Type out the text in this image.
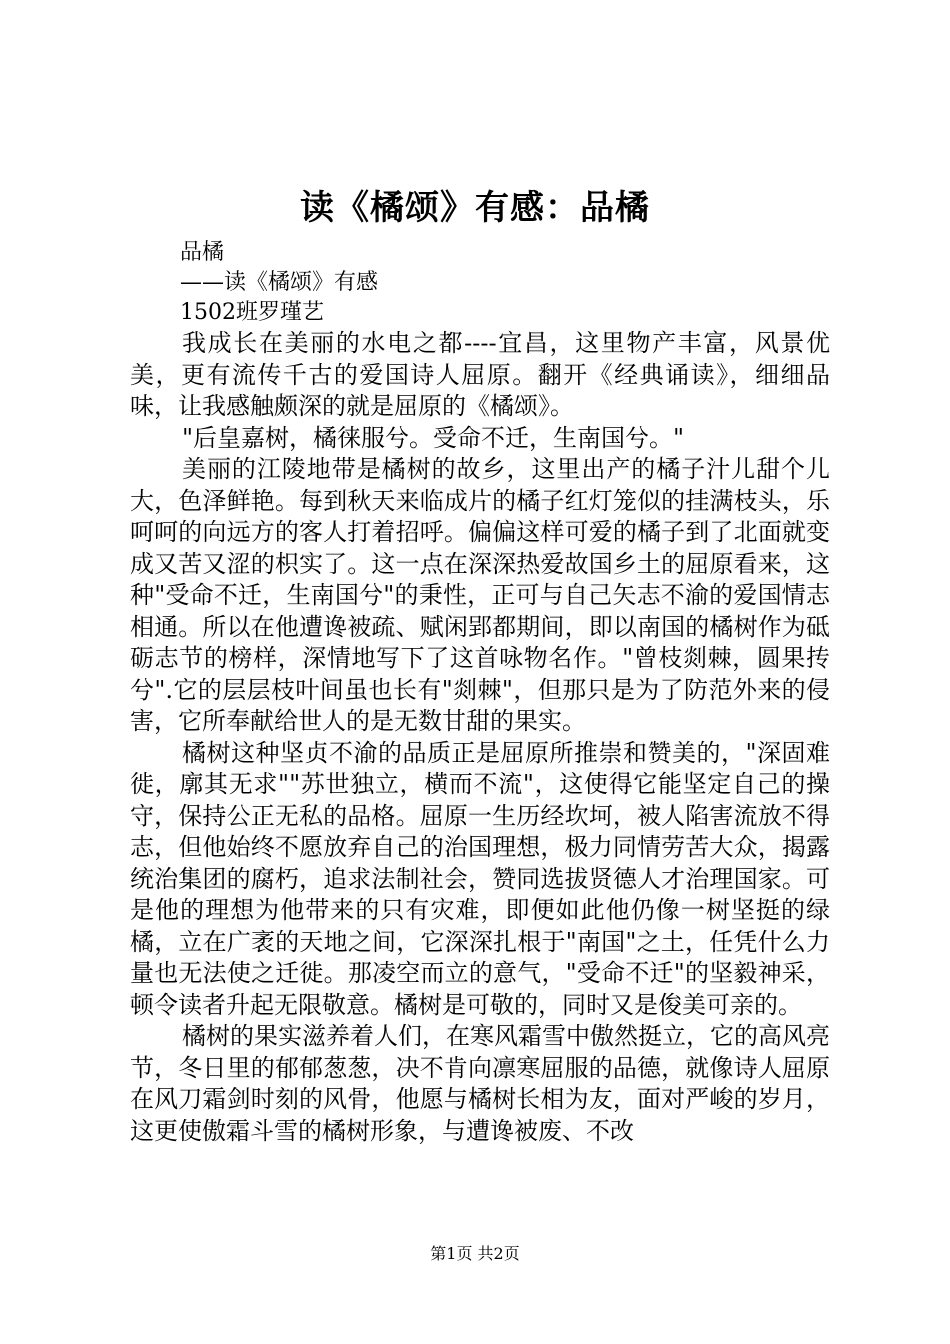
读《橘颂》有感：品橘
品橘
——读《橘颂》有感
1502班罗瑾艺

我成长在美丽的水电之都----宜昌，这里物产丰富，风景优美，更有流传千古的爱国诗人屈原。翻开《经典诵读》，细细品味，让我感触颇深的就是屈原的《橘颂》。

"后皇嘉树，橘徕服兮。受命不迁，生南国兮。"

美丽的江陵地带是橘树的故乡，这里出产的橘子汁儿甜个儿大，色泽鲜艳。每到秋天来临成片的橘子红灯笼似的挂满枝头，乐呵呵的向远方的客人打着招呼。偏偏这样可爱的橘子到了北面就变成又苦又涩的枳实了。这一点在深深热爱故国乡土的屈原看来，这种"受命不迁，生南国兮"的秉性，正可与自己矢志不渝的爱国情志相通。所以在他遭谗被疏、赋闲郢都期间，即以南国的橘树作为砥砺志节的榜样，深情地写下了这首咏物名作。"曾枝剡棘，圆果抟兮".它的层层枝叶间虽也长有"剡棘"，但那只是为了防范外来的侵害，它所奉献给世人的是无数甘甜的果实。

橘树这种坚贞不渝的品质正是屈原所推崇和赞美的，"深固难徙，廓其无求""苏世独立，横而不流"，这使得它能坚定自己的操守，保持公正无私的品格。屈原一生历经坎坷，被人陷害流放不得志，但他始终不愿放弃自己的治国理想，极力同情劳苦大众，揭露统治集团的腐朽，追求法制社会，赞同选拔贤德人才治理国家。可是他的理想为他带来的只有灾难，即便如此他仍像一树坚挺的绿橘，立在广袤的天地之间，它深深扎根于"南国"之土，任凭什么力量也无法使之迁徙。那凌空而立的意气，"受命不迁"的坚毅神采，顿令读者升起无限敬意。橘树是可敬的，同时又是俊美可亲的。

橘树的果实滋养着人们，在寒风霜雪中傲然挺立，它的高风亮节，冬日里的郁郁葱葱，决不肯向凛寒屈服的品德，就像诗人屈原在风刀霜剑时刻的风骨，他愿与橘树长相为友，面对严峻的岁月，这更使傲霜斗雪的橘树形象，与遭谗被废、不改

第1页 共2页
